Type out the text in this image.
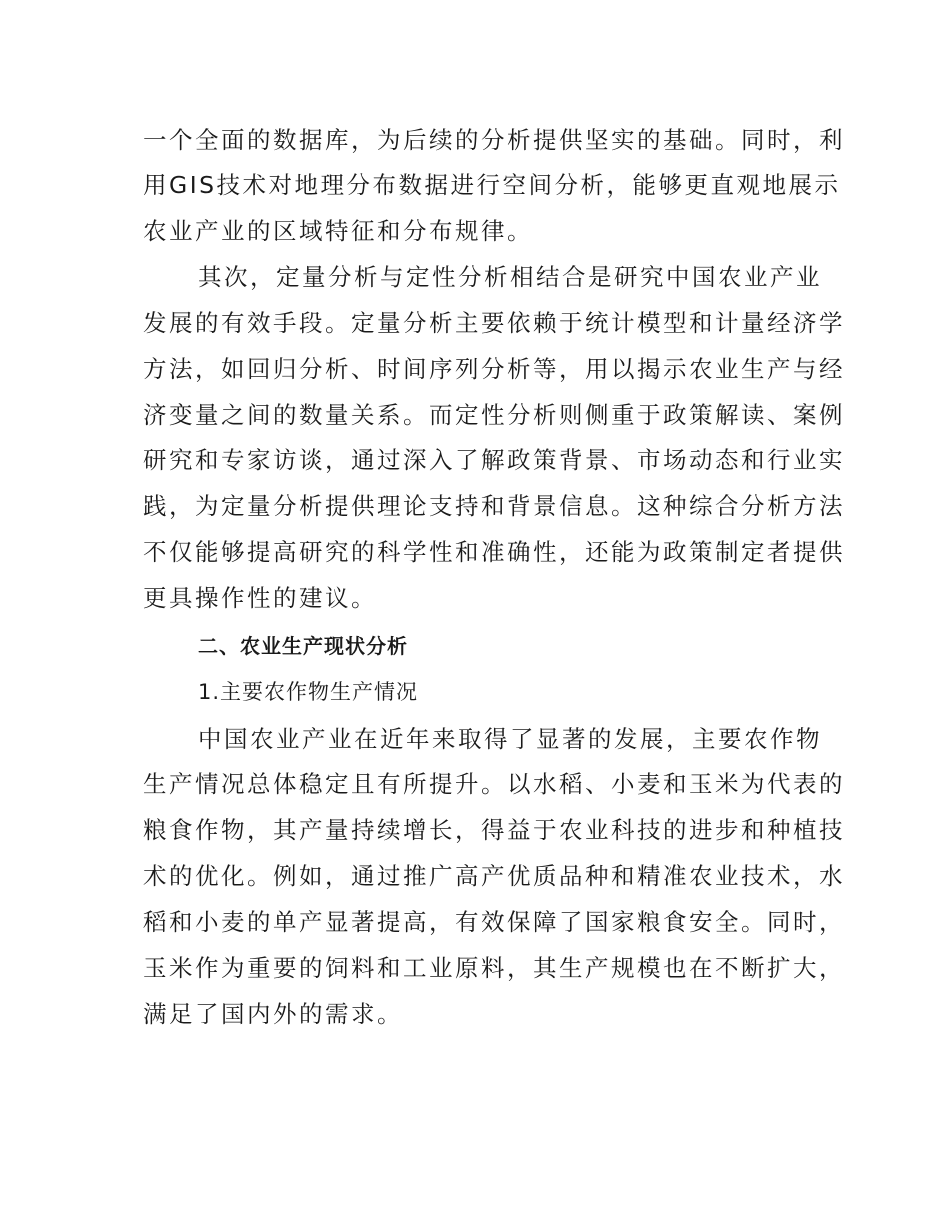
一个全面的数据库，为后续的分析提供坚实的基础。同时，利
用GIS技术对地理分布数据进行空间分析，能够更直观地展示
农业产业的区域特征和分布规律。
其次，定量分析与定性分析相结合是研究中国农业产业
发展的有效手段。定量分析主要依赖于统计模型和计量经济学
方法，如回归分析、时间序列分析等，用以揭示农业生产与经
济变量之间的数量关系。而定性分析则侧重于政策解读、案例
研究和专家访谈，通过深入了解政策背景、市场动态和行业实
践，为定量分析提供理论支持和背景信息。这种综合分析方法
不仅能够提高研究的科学性和准确性，还能为政策制定者提供
更具操作性的建议。
二、农业生产现状分析
1.主要农作物生产情况
中国农业产业在近年来取得了显著的发展，主要农作物
生产情况总体稳定且有所提升。以水稻、小麦和玉米为代表的
粮食作物，其产量持续增长，得益于农业科技的进步和种植技
术的优化。例如，通过推广高产优质品种和精准农业技术，水
稻和小麦的单产显著提高，有效保障了国家粮食安全。同时，
玉米作为重要的饲料和工业原料，其生产规模也在不断扩大，
满足了国内外的需求。
